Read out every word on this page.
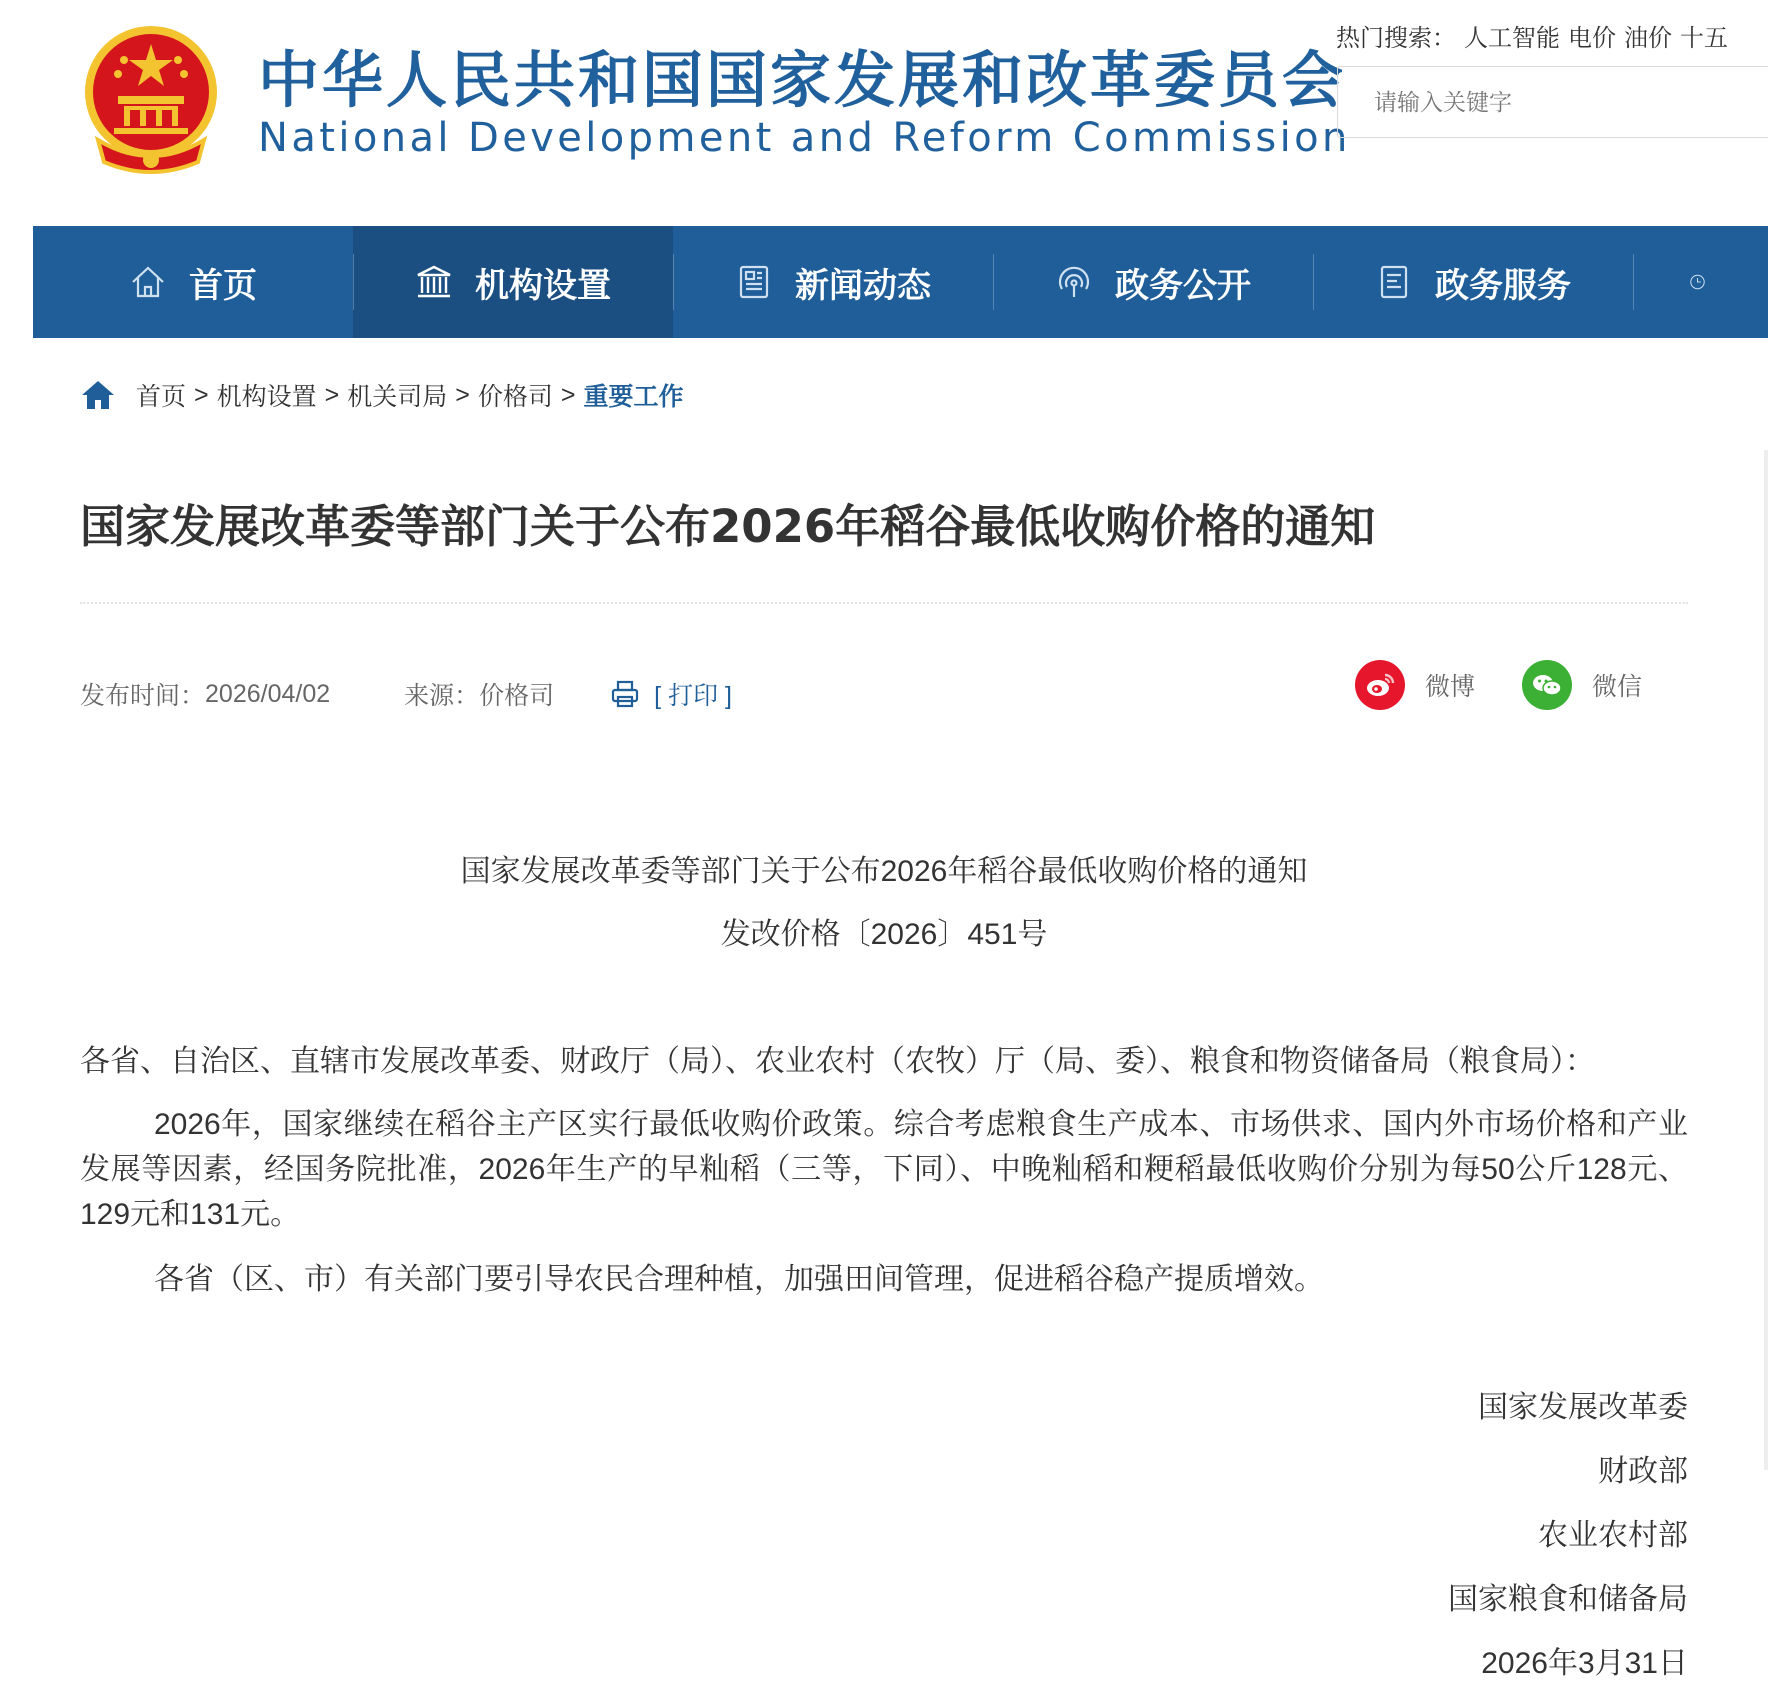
中华人民共和国国家发展和改革委员会
National Development and Reform Commission
热门搜索： 人工智能 电价 油价 十五
请输入关键字
首页	机构设置	新闻动态	政务公开	政务服务
首页 > 机构设置 > 机关司局 > 价格司 > 重要工作
国家发展改革委等部门关于公布2026年稻谷最低收购价格的通知
发布时间： 2026/04/02	来源： 价格司	[ 打印 ]	微博	微信
国家发展改革委等部门关于公布2026年稻谷最低收购价格的通知
发改价格〔2026〕451号
各省、自治区、直辖市发展改革委、财政厅（局）、农业农村（农牧）厅（局、委）、粮食和物资储备局（粮食局）：
2026年，国家继续在稻谷主产区实行最低收购价政策。综合考虑粮食生产成本、市场供求、国内外市场价格和产业发展等因素，经国务院批准，2026年生产的早籼稻（三等，下同）、中晚籼稻和粳稻最低收购价分别为每50公斤128元、129元和131元。
各省（区、市）有关部门要引导农民合理种植，加强田间管理，促进稻谷稳产提质增效。
国家发展改革委
财政部
农业农村部
国家粮食和储备局
2026年3月31日
